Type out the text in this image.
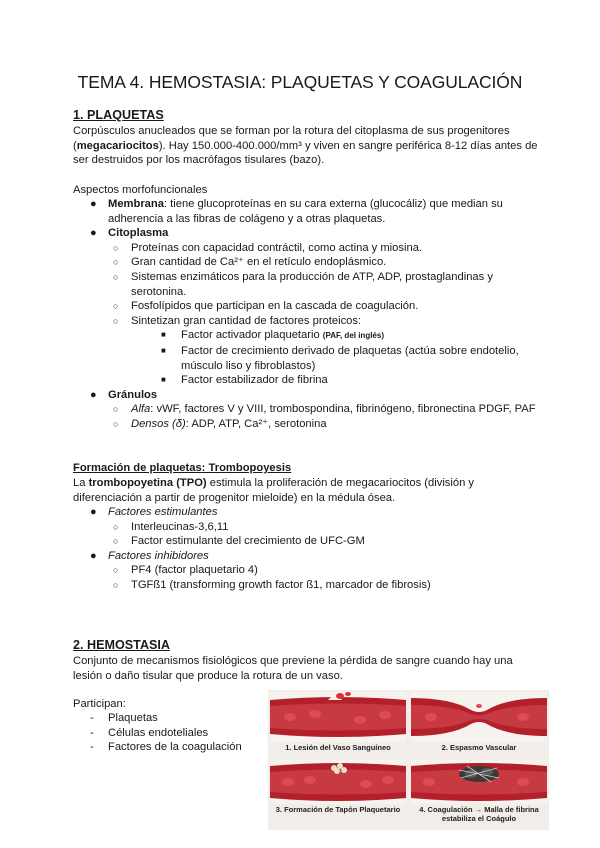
TEMA 4. HEMOSTASIA: PLAQUETAS Y COAGULACIÓN
1. PLAQUETAS
Corpúsculos anucleados que se forman por la rotura del citoplasma de sus progenitores (megacariocitos). Hay 150.000-400.000/mm³ y viven en sangre periférica 8-12 días antes de ser destruidos por los macrófagos tisulares (bazo).
Aspectos morfofuncionales
● Membrana: tiene glucoproteínas en su cara externa (glucocáliz) que median su adherencia a las fibras de colágeno y a otras plaquetas.
● Citoplasma
○ Proteínas con capacidad contráctil, como actina y miosina.
○ Gran cantidad de Ca²⁺ en el retículo endoplásmico.
○ Sistemas enzimáticos para la producción de ATP, ADP, prostaglandinas y serotonina.
○ Fosfolípidos que participan en la cascada de coagulación.
○ Sintetizan gran cantidad de factores proteicos:
■ Factor activador plaquetario (PAF, del inglés)
■ Factor de crecimiento derivado de plaquetas (actúa sobre endotelio, músculo liso y fibroblastos)
■ Factor estabilizador de fibrina
● Gránulos
○ Alfa: vWF, factores V y VIII, trombospondina, fibrinógeno, fibronectina PDGF, PAF
○ Densos (δ): ADP, ATP, Ca²⁺, serotonina
Formación de plaquetas: Trombopoyesis
La trombopoyetina (TPO) estimula la proliferación de megacariocitos (división y diferenciación a partir de progenitor mieloide) en la médula ósea.
● Factores estimulantes
○ Interleucinas-3,6,11
○ Factor estimulante del crecimiento de UFC-GM
● Factores inhibidores
○ PF4 (factor plaquetario 4)
○ TGFß1 (transforming growth factor ß1, marcador de fibrosis)
2. HEMOSTASIA
Conjunto de mecanismos fisiológicos que previene la pérdida de sangre cuando hay una lesión o daño tisular que produce la rotura de un vaso.
Participan:
- Plaquetas
- Células endoteliales
- Factores de la coagulación	1. Lesión del Vaso Sanguíneo	2. Espasmo Vascular
3. Formación de Tapón Plaquetario	4. Coagulación → Malla de fibrina estabiliza el Coágulo
